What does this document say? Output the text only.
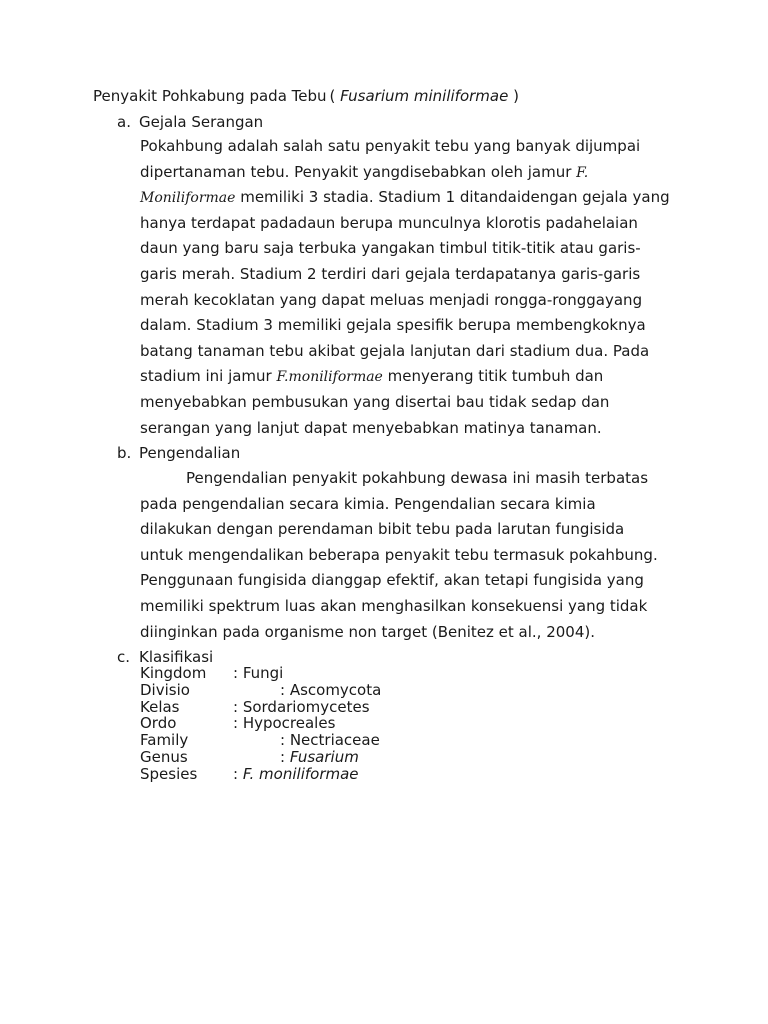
Penyakit Pohkabung pada Tebu ( Fusarium miniliformae )
a. Gejala Serangan
Pokahbung adalah salah satu penyakit tebu yang banyak dijumpai
dipertanaman tebu. Penyakit yangdisebabkan oleh jamur F.
Moniliformae memiliki 3 stadia. Stadium 1 ditandaidengan gejala yang
hanya terdapat padadaun berupa munculnya klorotis padahelaian
daun yang baru saja terbuka yangakan timbul titik-titik atau garis-
garis merah. Stadium 2 terdiri dari gejala terdapatanya garis-garis
merah kecoklatan yang dapat meluas menjadi rongga-ronggayang
dalam. Stadium 3 memiliki gejala spesifik berupa membengkoknya
batang tanaman tebu akibat gejala lanjutan dari stadium dua. Pada
stadium ini jamur F.moniliformae menyerang titik tumbuh dan
menyebabkan pembusukan yang disertai bau tidak sedap dan
serangan yang lanjut dapat menyebabkan matinya tanaman.
b. Pengendalian
Pengendalian penyakit pokahbung dewasa ini masih terbatas
pada pengendalian secara kimia. Pengendalian secara kimia
dilakukan dengan perendaman bibit tebu pada larutan fungisida
untuk mengendalikan beberapa penyakit tebu termasuk pokahbung.
Penggunaan fungisida dianggap efektif, akan tetapi fungisida yang
memiliki spektrum luas akan menghasilkan konsekuensi yang tidak
diinginkan pada organisme non target (Benitez et al., 2004).
c. Klasifikasi
Kingdom : Fungi
Divisio	: Ascomycota
Kelas	: Sordariomycetes
Ordo	: Hypocreales
Family	: Nectriaceae
Genus	: Fusarium
Spesies : F. moniliformae
